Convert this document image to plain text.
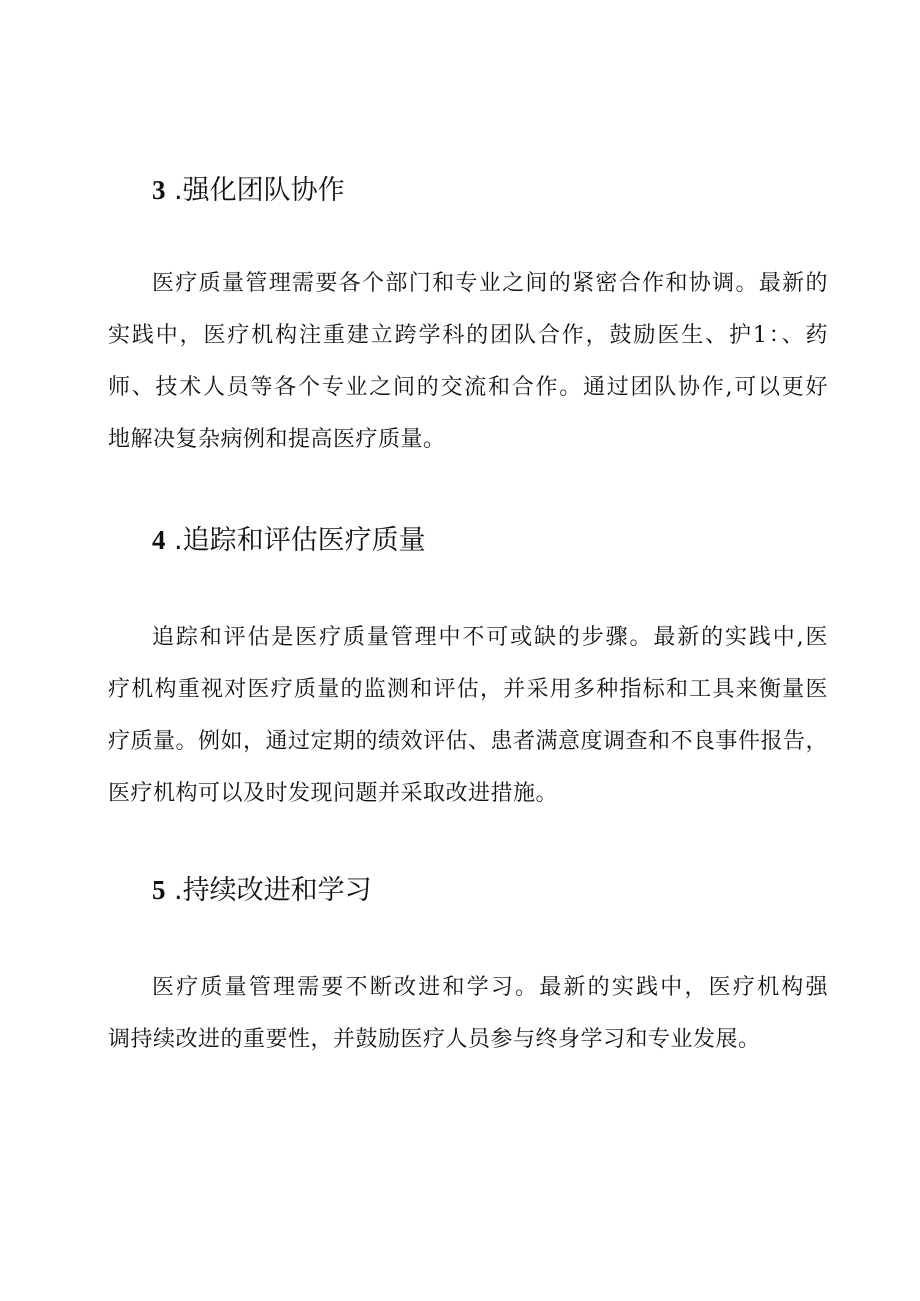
3 .强化团队协作
医疗质量管理需要各个部门和专业之间的紧密合作和协调。最新的
实践中，医疗机构注重建立跨学科的团队合作，鼓励医生、护1：、药
师、技术人员等各个专业之间的交流和合作。通过团队协作,可以更好
地解决复杂病例和提高医疗质量。
4 .追踪和评估医疗质量
追踪和评估是医疗质量管理中不可或缺的步骤。最新的实践中,医
疗机构重视对医疗质量的监测和评估，并采用多种指标和工具来衡量医
疗质量。例如，通过定期的绩效评估、患者满意度调查和不良事件报告，
医疗机构可以及时发现问题并采取改进措施。
5 .持续改进和学习
医疗质量管理需要不断改进和学习。最新的实践中，医疗机构强
调持续改进的重要性，并鼓励医疗人员参与终身学习和专业发展。
